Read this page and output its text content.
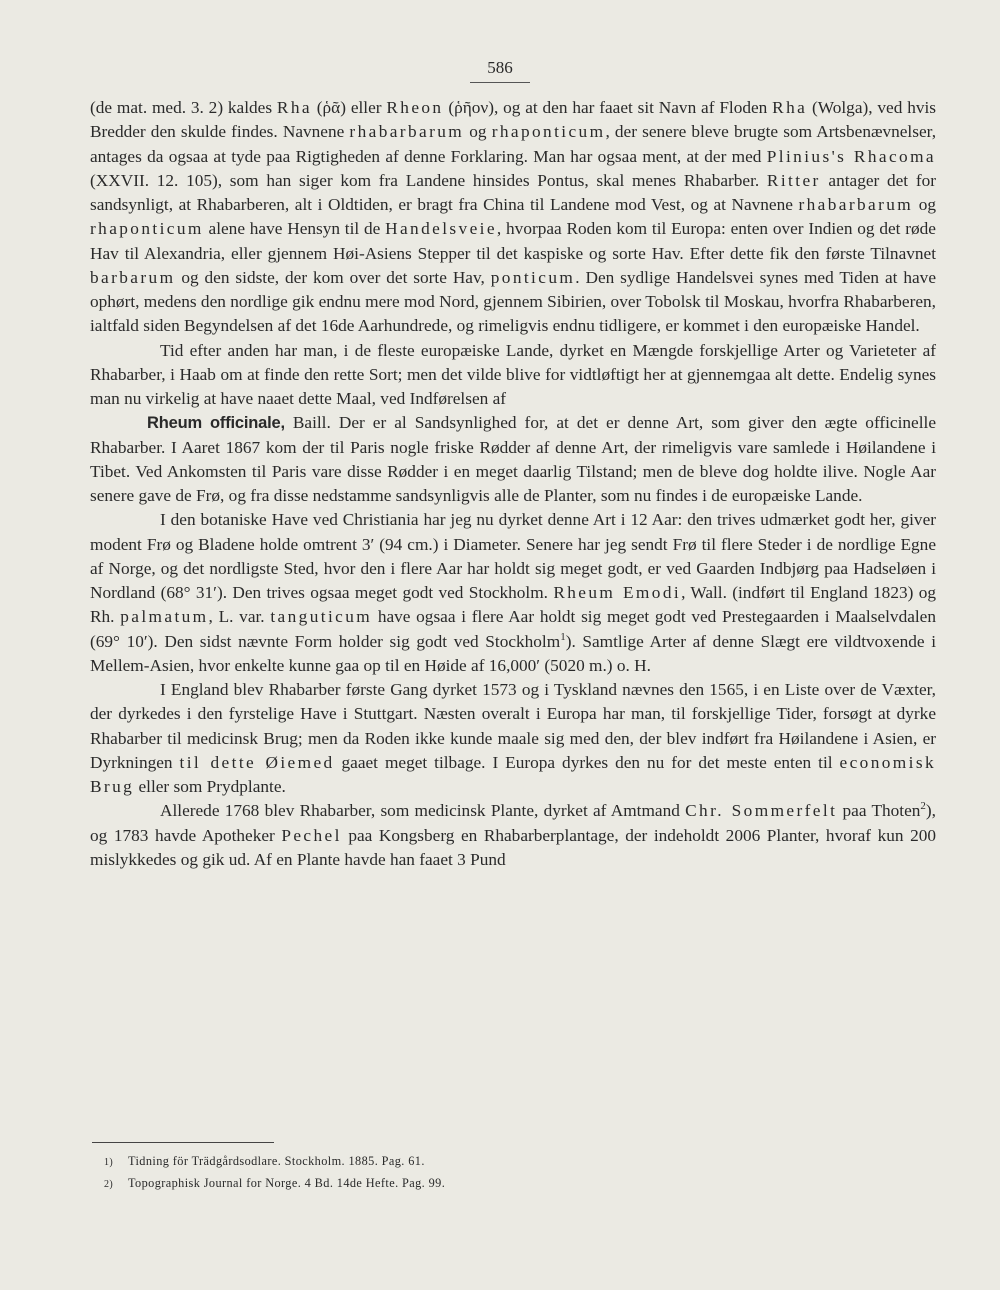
586

(de mat. med. 3. 2) kaldes Rha (ῥᾶ) eller Rheon (ῥῆον), og at den har faaet sit Navn af Floden Rha (Wolga), ved hvis Bredder den skulde findes. Navnene rhabarbarum og rhaponticum, der senere bleve brugte som Artsbenævnelser, antages da ogsaa at tyde paa Rigtigheden af denne Forklaring. Man har ogsaa ment, at der med Plinius's Rhacoma (XXVII. 12. 105), som han siger kom fra Landene hinsides Pontus, skal menes Rhabarber. Ritter antager det for sandsynligt, at Rhabarberen, alt i Oldtiden, er bragt fra China til Landene mod Vest, og at Navnene rhabarbarum og rhaponticum alene have Hensyn til de Handelsveie, hvorpaa Roden kom til Europa: enten over Indien og det røde Hav til Alexandria, eller gjennem Høi-Asiens Stepper til det kaspiske og sorte Hav. Efter dette fik den første Tilnavnet barbarum og den sidste, der kom over det sorte Hav, ponticum. Den sydlige Handelsvei synes med Tiden at have ophørt, medens den nordlige gik endnu mere mod Nord, gjennem Sibirien, over Tobolsk til Moskau, hvorfra Rhabarberen, ialtfald siden Begyndelsen af det 16de Aarhundrede, og rimeligvis endnu tidligere, er kommet i den europæiske Handel.

Tid efter anden har man, i de fleste europæiske Lande, dyrket en Mængde forskjellige Arter og Varieteter af Rhabarber, i Haab om at finde den rette Sort; men det vilde blive for vidtløftigt her at gjennemgaa alt dette. Endelig synes man nu virkelig at have naaet dette Maal, ved Indførelsen af

Rheum officinale, Baill. Der er al Sandsynlighed for, at det er denne Art, som giver den ægte officinelle Rhabarber. I Aaret 1867 kom der til Paris nogle friske Rødder af denne Art, der rimeligvis vare samlede i Høilandene i Tibet. Ved Ankomsten til Paris vare disse Rødder i en meget daarlig Tilstand; men de bleve dog holdte ilive. Nogle Aar senere gave de Frø, og fra disse nedstamme sandsynligvis alle de Planter, som nu findes i de europæiske Lande.

I den botaniske Have ved Christiania har jeg nu dyrket denne Art i 12 Aar: den trives udmærket godt her, giver modent Frø og Bladene holde omtrent 3′ (94 cm.) i Diameter. Senere har jeg sendt Frø til flere Steder i de nordlige Egne af Norge, og det nordligste Sted, hvor den i flere Aar har holdt sig meget godt, er ved Gaarden Indbjørg paa Hadseløen i Nordland (68° 31′). Den trives ogsaa meget godt ved Stockholm. Rheum Emodi, Wall. (indført til England 1823) og Rh. palmatum, L. var. tanguticum have ogsaa i flere Aar holdt sig meget godt ved Prestegaarden i Maalselvdalen (69° 10′). Den sidst nævnte Form holder sig godt ved Stockholm$^1$). Samtlige Arter af denne Slægt ere vildtvoxende i Mellem-Asien, hvor enkelte kunne gaa op til en Høide af 16,000′ (5020 m.) o. H.

I England blev Rhabarber første Gang dyrket 1573 og i Tyskland nævnes den 1565, i en Liste over de Væxter, der dyrkedes i den fyrstelige Have i Stuttgart. Næsten overalt i Europa har man, til forskjellige Tider, forsøgt at dyrke Rhabarber til medicinsk Brug; men da Roden ikke kunde maale sig med den, der blev indført fra Høilandene i Asien, er Dyrkningen til dette Øiemed gaaet meget tilbage. I Europa dyrkes den nu for det meste enten til economisk Brug eller som Prydplante.

Allerede 1768 blev Rhabarber, som medicinsk Plante, dyrket af Amtmand Chr. Sommerfelt paa Thoten$^2$), og 1783 havde Apotheker Pechel paa Kongsberg en Rhabarberplantage, der indeholdt 2006 Planter, hvoraf kun 200 mislykkedes og gik ud. Af en Plante havde han faaet 3 Pund

1) Tidning för Trädgårdsodlare. Stockholm. 1885. Pag. 61.
2) Topographisk Journal for Norge. 4 Bd. 14de Hefte. Pag. 99.
